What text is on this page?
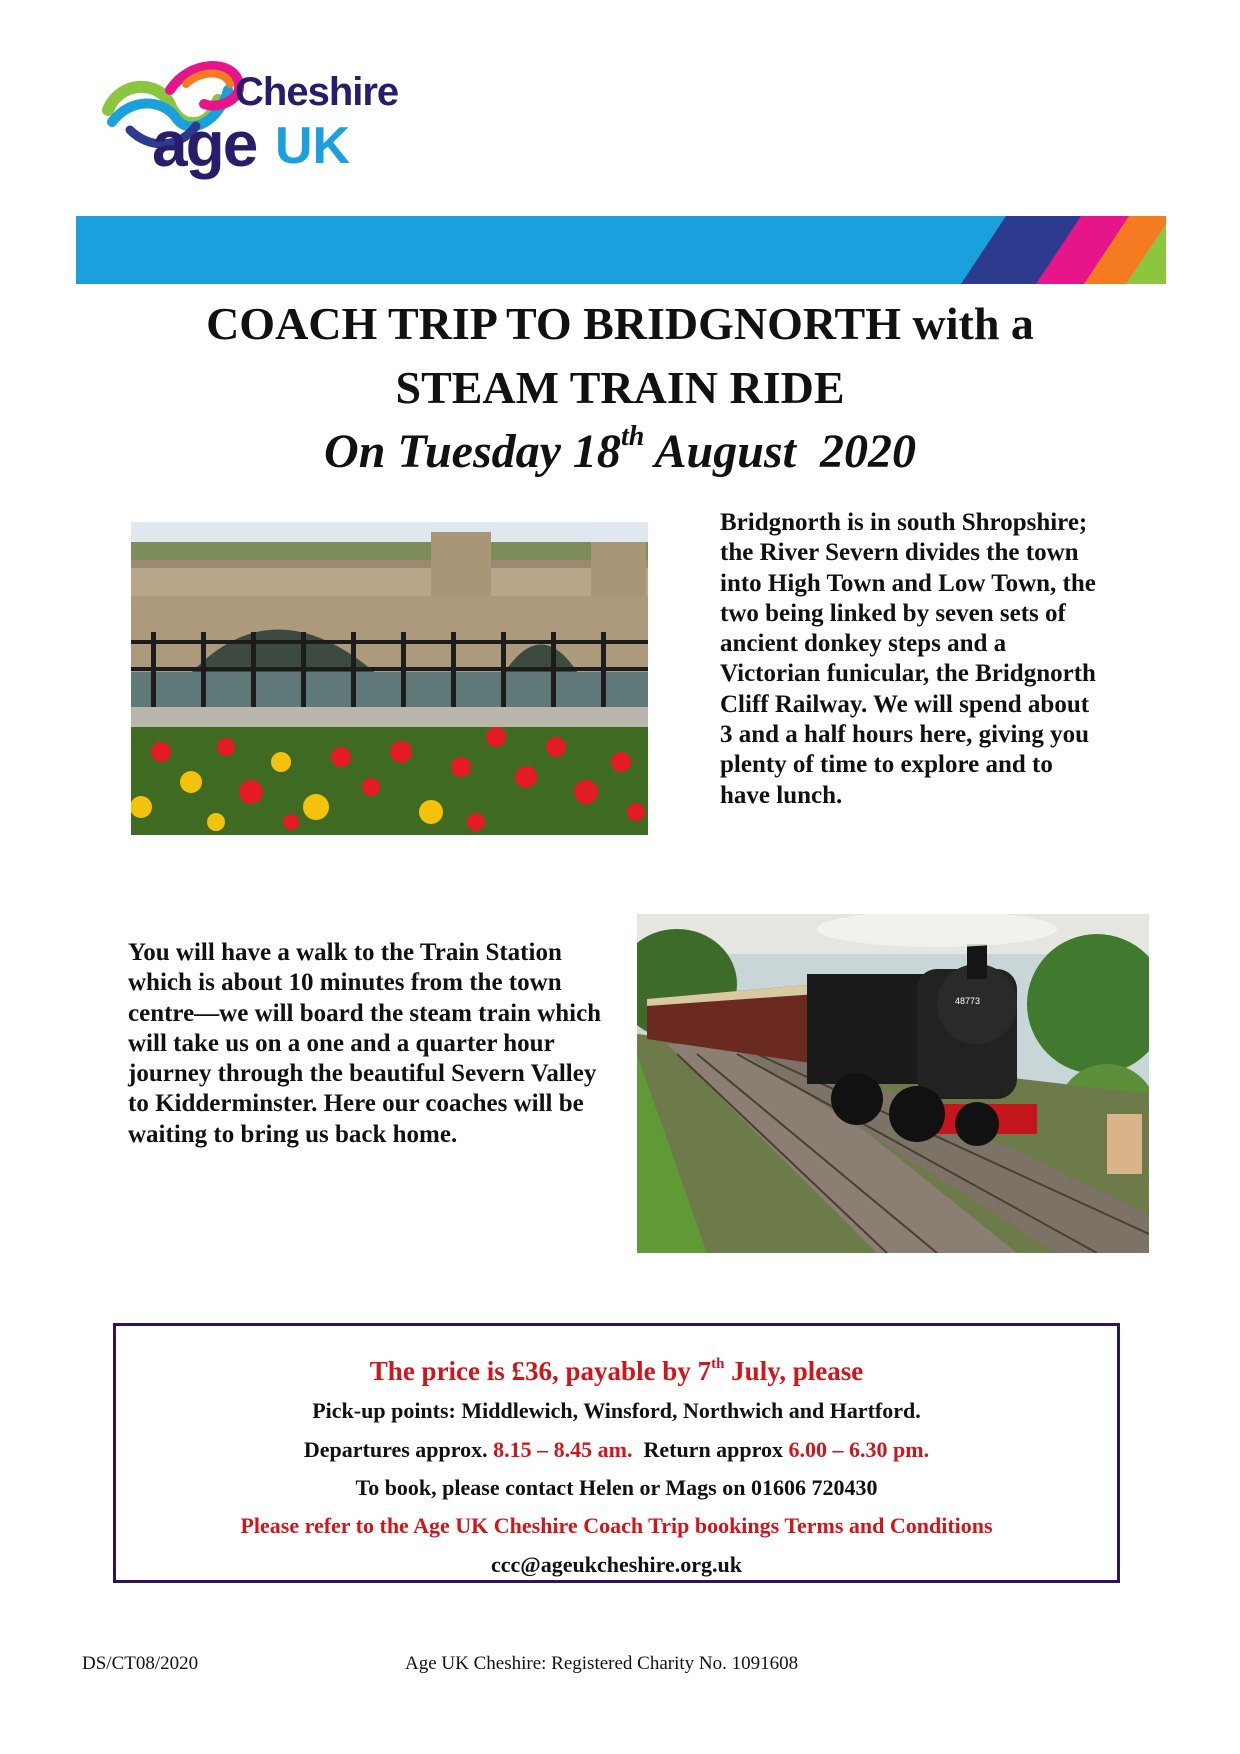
Cheshire
age UK
COACH TRIP TO BRIDGNORTH with a
STEAM TRAIN RIDE
On Tuesday 18th August  2020

Bridgnorth is in south Shropshire; the River Severn divides the town into High Town and Low Town, the two being linked by seven sets of ancient donkey steps and a Victorian funicular, the Bridgnorth Cliff Railway. We will spend about 3 and a half hours here, giving you plenty of time to explore and to have lunch.

You will have a walk to the Train Station which is about 10 minutes from the town centre—we will board the steam train which will take us on a one and a quarter hour journey through the beautiful Severn Valley to Kidderminster. Here our coaches will be waiting to bring us back home.

48773
The price is £36, payable by 7th July, please
Pick-up points: Middlewich, Winsford, Northwich and Hartford.
Departures approx. 8.15 – 8.45 am.  Return approx 6.00 – 6.30 pm.
To book, please contact Helen or Mags on 01606 720430
Please refer to the Age UK Cheshire Coach Trip bookings Terms and Conditions
ccc@ageukcheshire.org.uk
DS/CT08/2020	Age UK Cheshire: Registered Charity No. 1091608
